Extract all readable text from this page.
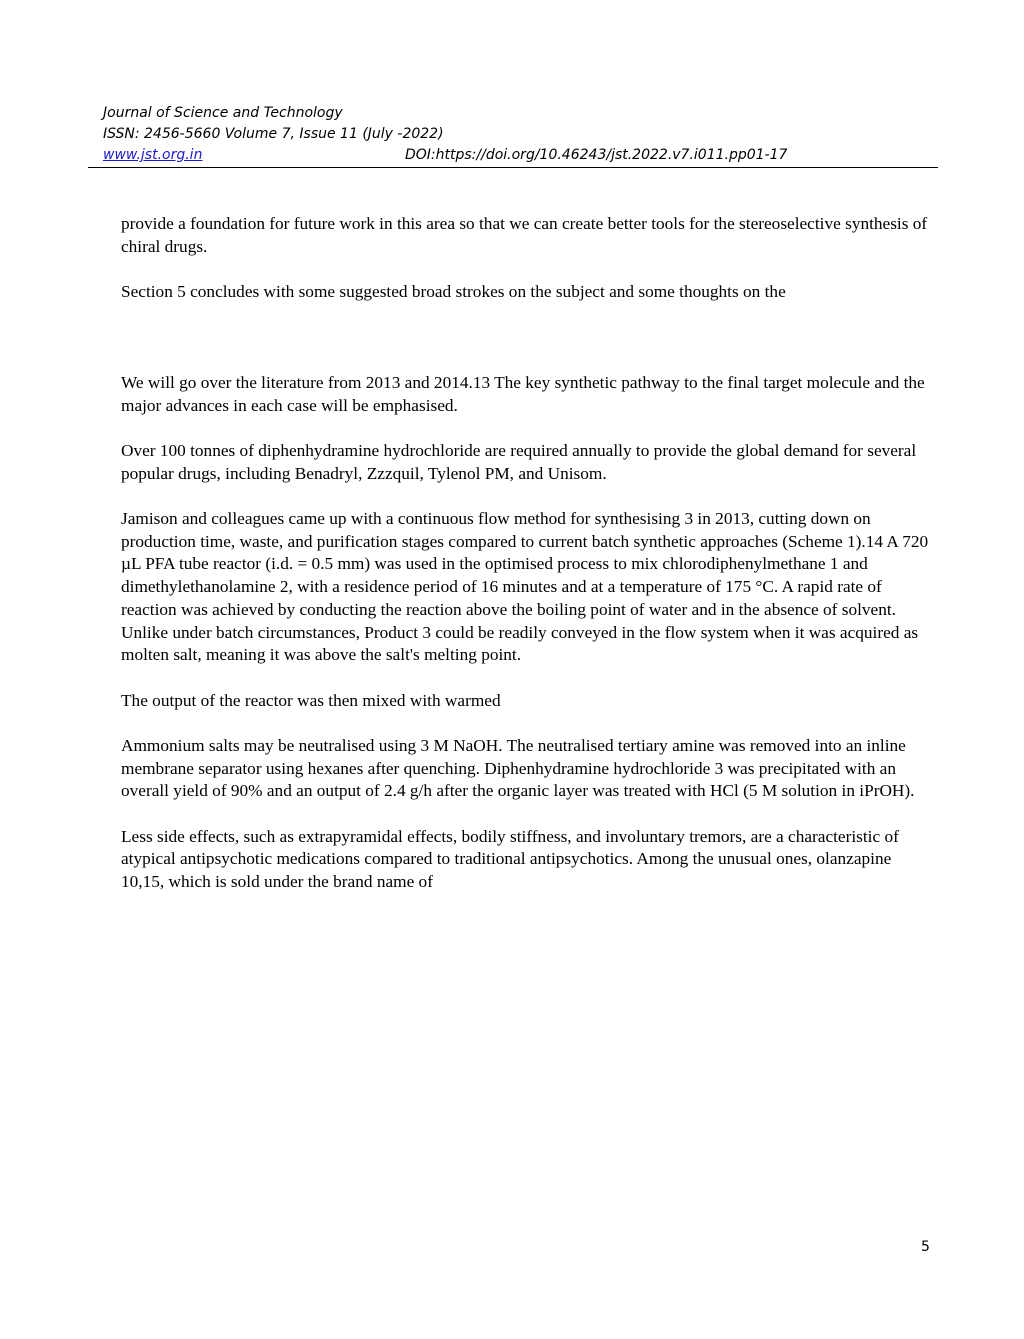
Journal of Science and Technology
ISSN: 2456-5660 Volume 7, Issue 11 (July -2022)
www.jst.org.in	DOI:https://doi.org/10.46243/jst.2022.v7.i011.pp01-17

provide a foundation for future work in this area so that we can create better tools for the stereoselective synthesis of chiral drugs.

Section 5 concludes with some suggested broad strokes on the subject and some thoughts on the

We will go over the literature from 2013 and 2014.13 The key synthetic pathway to the final target molecule and the major advances in each case will be emphasised.

Over 100 tonnes of diphenhydramine hydrochloride are required annually to provide the global demand for several popular drugs, including Benadryl, Zzzquil, Tylenol PM, and Unisom.

Jamison and colleagues came up with a continuous flow method for synthesising 3 in 2013, cutting down on production time, waste, and purification stages compared to current batch synthetic approaches (Scheme 1).14 A 720 µL PFA tube reactor (i.d. = 0.5 mm) was used in the optimised process to mix chlorodiphenylmethane 1 and dimethylethanolamine 2, with a residence period of 16 minutes and at a temperature of 175 °C. A rapid rate of reaction was achieved by conducting the reaction above the boiling point of water and in the absence of solvent. Unlike under batch circumstances, Product 3 could be readily conveyed in the flow system when it was acquired as molten salt, meaning it was above the salt's melting point.

The output of the reactor was then mixed with warmed

Ammonium salts may be neutralised using 3 M NaOH. The neutralised tertiary amine was removed into an inline membrane separator using hexanes after quenching. Diphenhydramine hydrochloride 3 was precipitated with an overall yield of 90% and an output of 2.4 g/h after the organic layer was treated with HCl (5 M solution in iPrOH).

Less side effects, such as extrapyramidal effects, bodily stiffness, and involuntary tremors, are a characteristic of atypical antipsychotic medications compared to traditional antipsychotics. Among the unusual ones, olanzapine 10,15, which is sold under the brand name of

5
